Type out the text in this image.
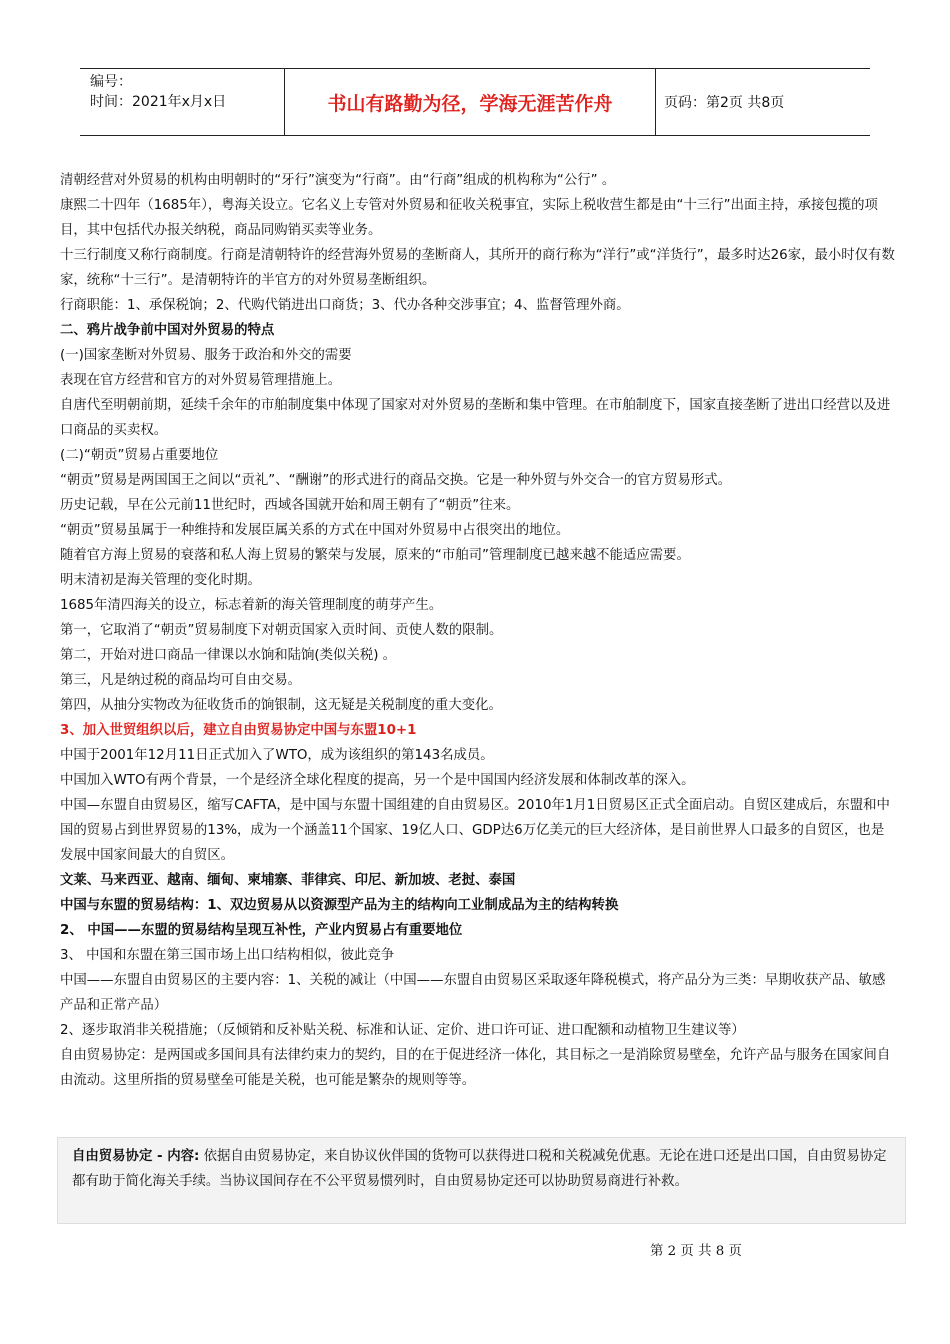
编号：
时间：2021年x月x日	书山有路勤为径，学海无涯苦作舟	页码：第2页 共8页

清朝经营对外贸易的机构由明朝时的“牙行”演变为“行商”。由“行商”组成的机构称为“公行” 。

康熙二十四年（1685年），粤海关设立。它名义上专管对外贸易和征收关税事宜，实际上税收营生都是由“十三行”出面主持，承接包揽的项目，其中包括代办报关纳税，商品同购销买卖等业务。

十三行制度又称行商制度。行商是清朝特许的经营海外贸易的垄断商人，其所开的商行称为“洋行”或“洋货行”，最多时达26家，最小时仅有数家，统称“十三行”。是清朝特许的半官方的对外贸易垄断组织。

行商职能：1、承保税饷；2、代购代销进出口商货；3、代办各种交涉事宜；4、监督管理外商。

二、鸦片战争前中国对外贸易的特点

(一)国家垄断对外贸易、服务于政治和外交的需要

表现在官方经营和官方的对外贸易管理措施上。

自唐代至明朝前期，延续千余年的市舶制度集中体现了国家对对外贸易的垄断和集中管理。在市舶制度下，国家直接垄断了进出口经营以及进口商品的买卖权。

(二)“朝贡”贸易占重要地位

“朝贡”贸易是两国国王之间以“贡礼”、“酬谢”的形式进行的商品交换。它是一种外贸与外交合一的官方贸易形式。

历史记载，早在公元前11世纪时，西域各国就开始和周王朝有了“朝贡”往来。

“朝贡”贸易虽属于一种维持和发展臣属关系的方式在中国对外贸易中占很突出的地位。

随着官方海上贸易的衰落和私人海上贸易的繁荣与发展，原来的“市舶司”管理制度已越来越不能适应需要。

明末清初是海关管理的变化时期。

1685年清四海关的设立，标志着新的海关管理制度的萌芽产生。

第一，它取消了“朝贡”贸易制度下对朝贡国家入贡时间、贡使人数的限制。

第二，开始对进口商品一律课以水饷和陆饷(类似关税) 。

第三，凡是纳过税的商品均可自由交易。

第四，从抽分实物改为征收货币的饷银制，这无疑是关税制度的重大变化。

3、加入世贸组织以后，建立自由贸易协定中国与东盟10+1

中国于2001年12月11日正式加入了WTO，成为该组织的第143名成员。

中国加入WTO有两个背景，一个是经济全球化程度的提高，另一个是中国国内经济发展和体制改革的深入。

中国—东盟自由贸易区，缩写CAFTA，是中国与东盟十国组建的自由贸易区。2010年1月1日贸易区正式全面启动。自贸区建成后，东盟和中国的贸易占到世界贸易的13%，成为一个涵盖11个国家、19亿人口、GDP达6万亿美元的巨大经济体，是目前世界人口最多的自贸区，也是发展中国家间最大的自贸区。

文莱、马来西亚、越南、缅甸、柬埔寨、菲律宾、印尼、新加坡、老挝、泰国

中国与东盟的贸易结构：1、双边贸易从以资源型产品为主的结构向工业制成品为主的结构转换

2、 中国——东盟的贸易结构呈现互补性，产业内贸易占有重要地位

3、 中国和东盟在第三国市场上出口结构相似，彼此竞争

中国——东盟自由贸易区的主要内容：1、关税的减让（中国——东盟自由贸易区采取逐年降税模式，将产品分为三类：早期收获产品、敏感产品和正常产品）

2、逐步取消非关税措施；（反倾销和反补贴关税、标准和认证、定价、进口许可证、进口配额和动植物卫生建议等）

自由贸易协定：是两国或多国间具有法律约束力的契约，目的在于促进经济一体化，其目标之一是消除贸易壁垒，允许产品与服务在国家间自由流动。这里所指的贸易壁垒可能是关税，也可能是繁杂的规则等等。

自由贸易协定 - 内容: 依据自由贸易协定，来自协议伙伴国的货物可以获得进口税和关税减免优惠。无论在进口还是出口国，自由贸易协定都有助于简化海关手续。当协议国间存在不公平贸易惯列时，自由贸易协定还可以协助贸易商进行补救。
第 2 页 共 8 页
